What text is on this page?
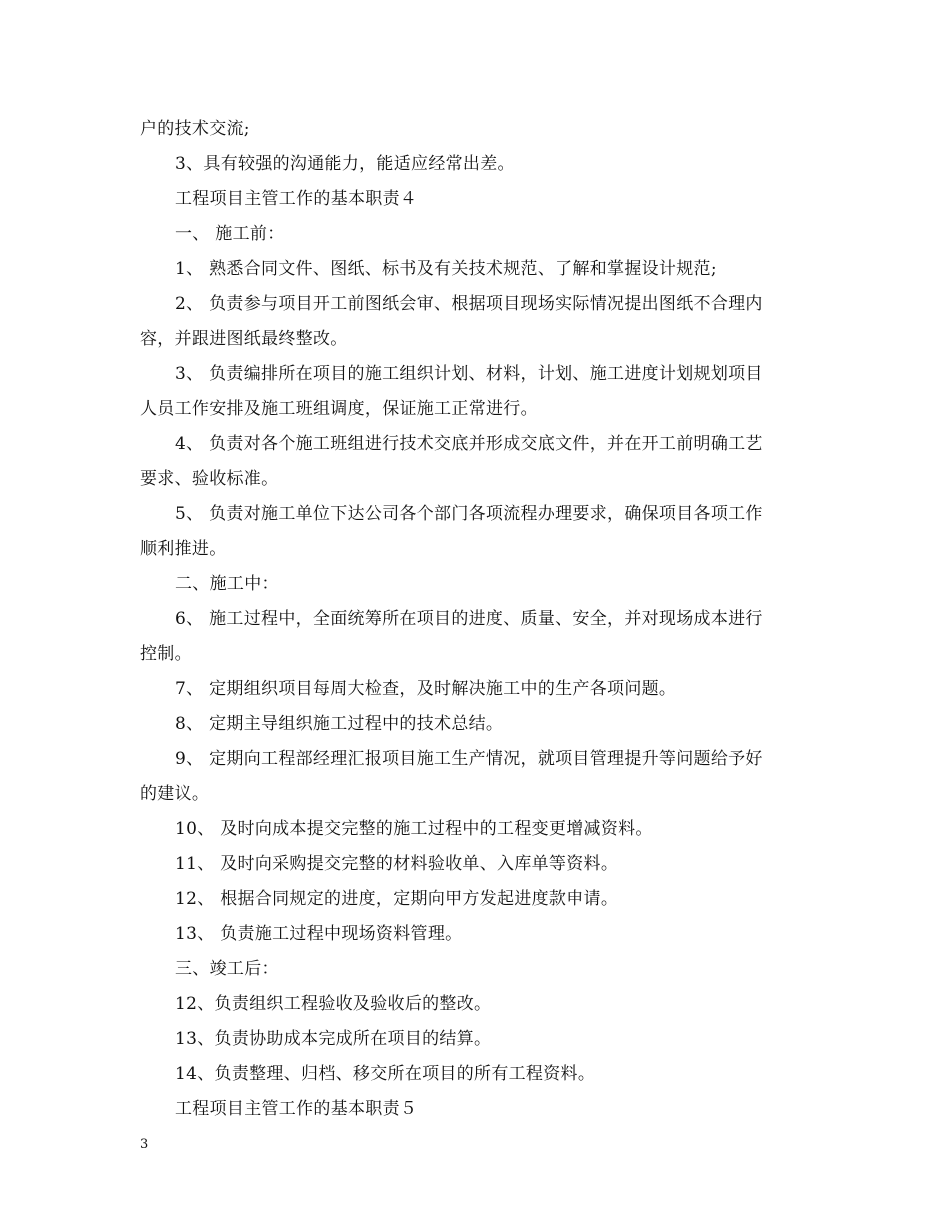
户的技术交流;
3、具有较强的沟通能力，能适应经常出差。
工程项目主管工作的基本职责４
一、 施工前：
1、 熟悉合同文件、图纸、标书及有关技术规范、了解和掌握设计规范;
2、 负责参与项目开工前图纸会审、根据项目现场实际情况提出图纸不合理内
容，并跟进图纸最终整改。
3、 负责编排所在项目的施工组织计划、材料，计划、施工进度计划规划项目
人员工作安排及施工班组调度，保证施工正常进行。
4、 负责对各个施工班组进行技术交底并形成交底文件，并在开工前明确工艺
要求、验收标准。
5、 负责对施工单位下达公司各个部门各项流程办理要求，确保项目各项工作
顺利推进。
二、施工中：
6、 施工过程中，全面统筹所在项目的进度、质量、安全，并对现场成本进行
控制。
7、 定期组织项目每周大检查，及时解决施工中的生产各项问题。
8、 定期主导组织施工过程中的技术总结。
9、 定期向工程部经理汇报项目施工生产情况，就项目管理提升等问题给予好
的建议。
10、 及时向成本提交完整的施工过程中的工程变更增减资料。
11、 及时向采购提交完整的材料验收单、入库单等资料。
12、 根据合同规定的进度，定期向甲方发起进度款申请。
13、 负责施工过程中现场资料管理。
三、竣工后：
12、负责组织工程验收及验收后的整改。
13、负责协助成本完成所在项目的结算。
14、负责整理、归档、移交所在项目的所有工程资料。
工程项目主管工作的基本职责５
3
